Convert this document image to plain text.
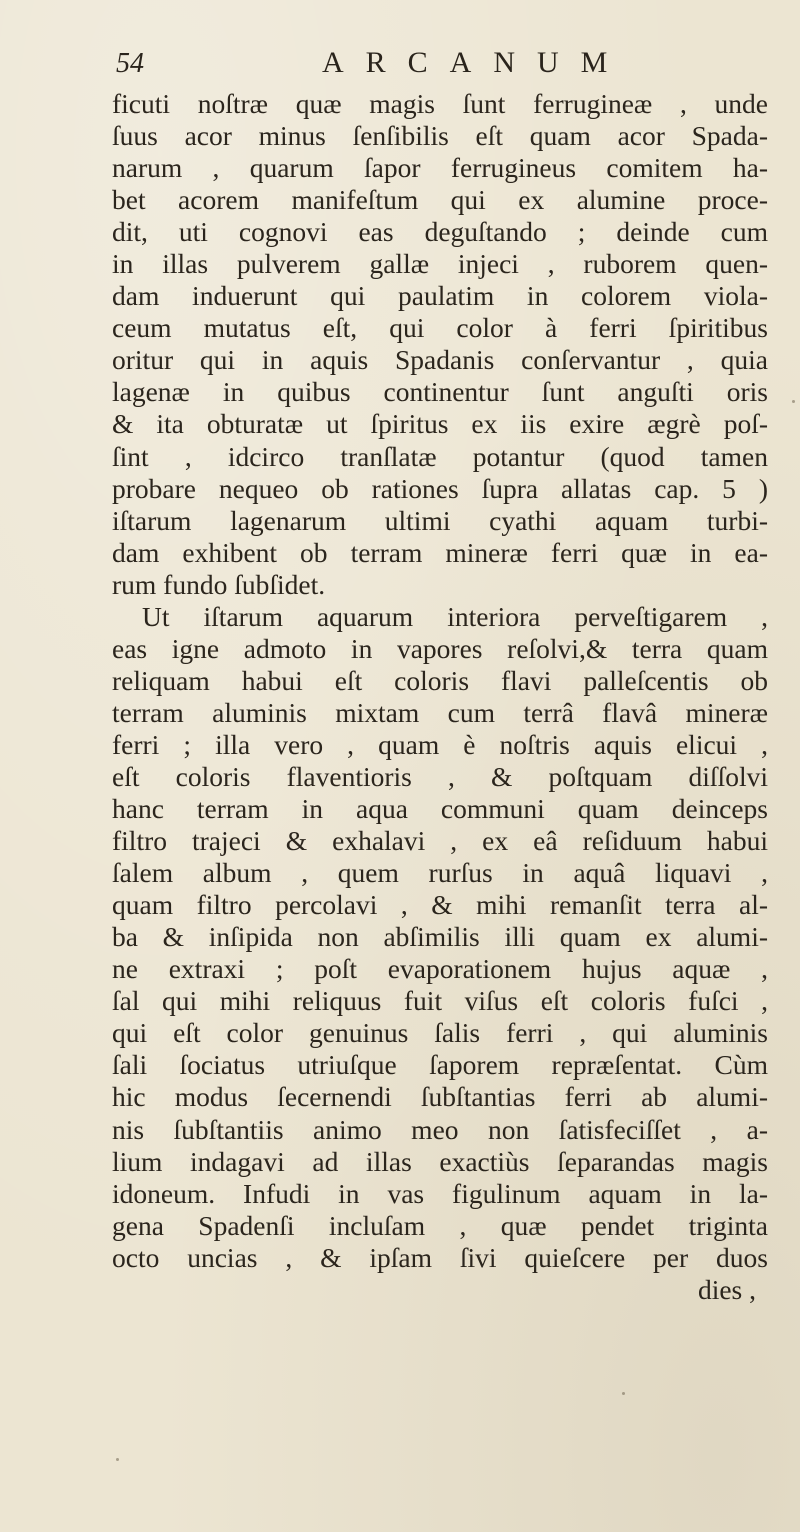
54	ARCANUM
ficuti noſtræ quæ magis ſunt ferrugineæ , unde
ſuus acor minus ſenſibilis eſt quam acor Spada-
narum , quarum ſapor ferrugineus comitem ha-
bet acorem manifeſtum qui ex alumine proce-
dit, uti cognovi eas deguſtando ; deinde cum
in illas pulverem gallæ injeci , ruborem quen-
dam induerunt qui paulatim in colorem viola-
ceum mutatus eſt, qui color à ferri ſpiritibus
oritur qui in aquis Spadanis conſervantur , quia
lagenæ in quibus continentur ſunt anguſti oris
& ita obturatæ ut ſpiritus ex iis exire ægrè poſ-
ſint , idcirco tranſlatæ potantur (quod tamen
probare nequeo ob rationes ſupra allatas cap. 5 )
iſtarum lagenarum ultimi cyathi aquam turbi-
dam exhibent ob terram mineræ ferri quæ in ea-
rum fundo ſubſidet.
Ut iſtarum aquarum interiora perveſtigarem ,
eas igne admoto in vapores reſolvi,& terra quam
reliquam habui eſt coloris flavi palleſcentis ob
terram aluminis mixtam cum terrâ flavâ mineræ
ferri ; illa vero , quam è noſtris aquis elicui ,
eſt coloris flaventioris , & poſtquam diſſolvi
hanc terram in aqua communi quam deinceps
filtro trajeci & exhalavi , ex eâ reſiduum habui
ſalem album , quem rurſus in aquâ liquavi ,
quam filtro percolavi , & mihi remanſit terra al-
ba & inſipida non abſimilis illi quam ex alumi-
ne extraxi ; poſt evaporationem hujus aquæ ,
ſal qui mihi reliquus fuit viſus eſt coloris fuſci ,
qui eſt color genuinus ſalis ferri , qui aluminis
ſali ſociatus utriuſque ſaporem repræſentat. Cùm
hic modus ſecernendi ſubſtantias ferri ab alumi-
nis ſubſtantiis animo meo non ſatisfeciſſet , a-
lium indagavi ad illas exactiùs ſeparandas magis
idoneum. Infudi in vas figulinum aquam in la-
gena Spadenſi incluſam , quæ pendet triginta
octo uncias , & ipſam ſivi quieſcere per duos
dies ,
